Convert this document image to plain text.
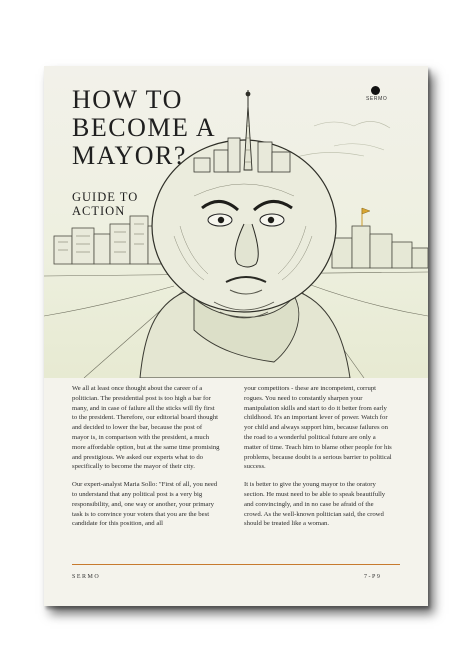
HOW TO
BECOME A
MAYOR?
GUIDE TO
ACTION
SERMO

We all at least once thought about the career of a politician. The presidential post is too high a bar for many, and in case of failure all the sticks will fly first to the president. Therefore, our editorial board thought and decided to lower the bar, because the post of mayor is, in comparison with the president, a much more affordable option, but at the same time promising and prestigious. We asked our experts what to do specifically to become the mayor of their city.

Our expert-analyst Maria Sollo: "First of all, you need to understand that any political post is a very big responsibility, and, one way or another, your primary task is to convince your voters that you are the best candidate for this position, and all

your competitors - these are incompetent, corrupt rogues. You need to constantly sharpen your manipulation skills and start to do it better from early childhood. It's an important lever of power. Watch for yor child and always support him, because failures on the road to a wonderful political future are only a matter of time. Teach him to blame other people for his problems, because doubt is a serious barrier to political success.

It is better to give the young mayor to the oratory section. He must need to be able to speak beautifully and convincingly, and in no case be afraid of the crowd. As the well-known politician said, the crowd should be treated like a woman.

SERMO	7-P9
